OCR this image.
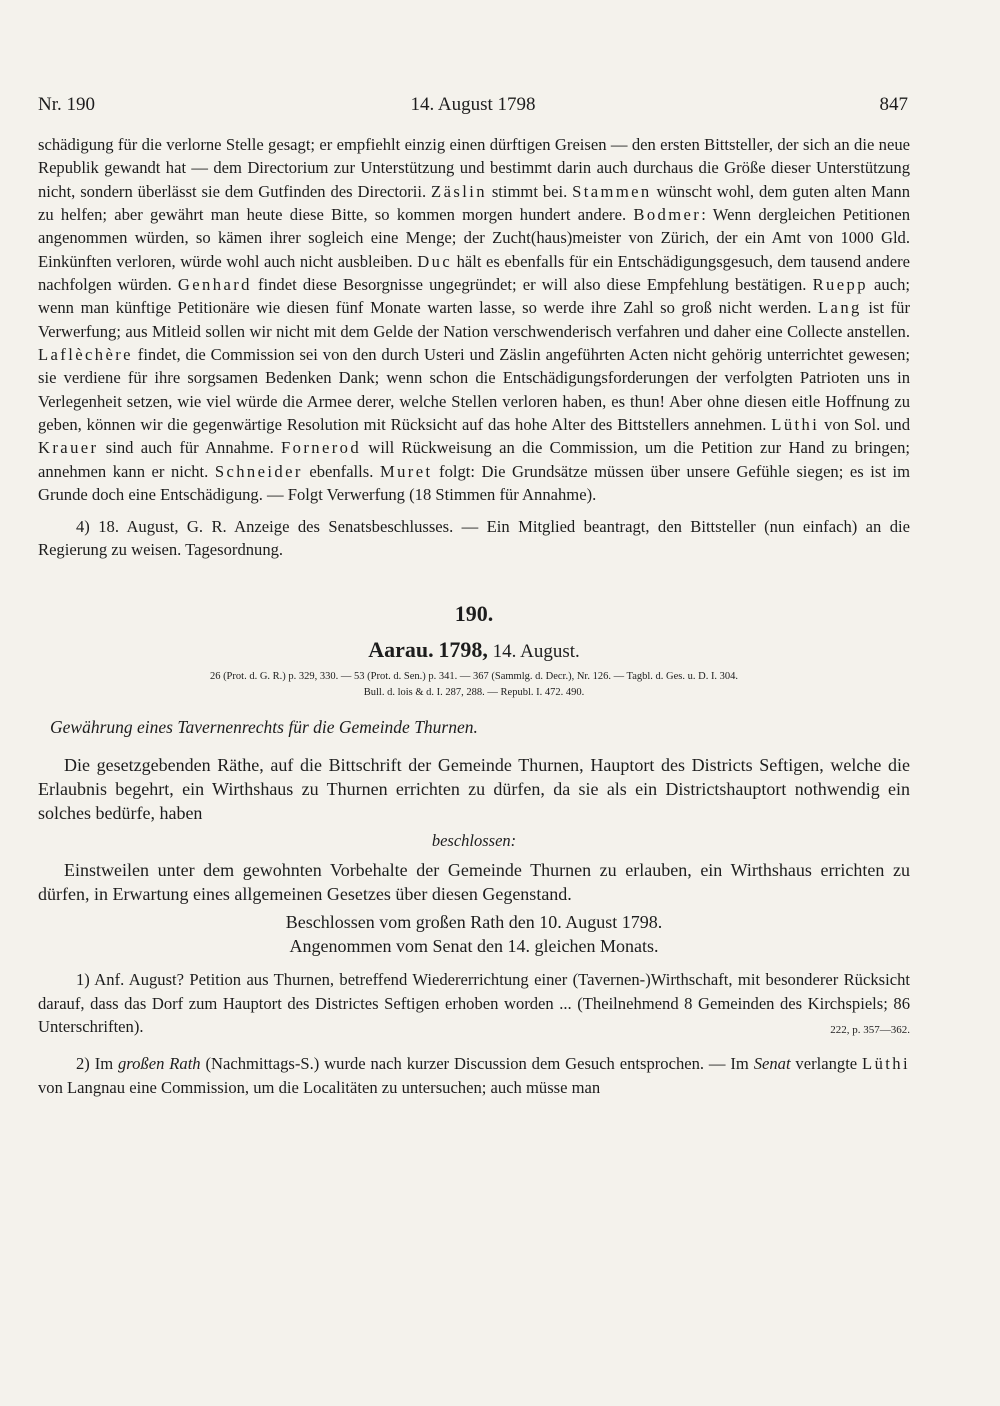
Nr. 190	14. August 1798	847

schädigung für die verlorne Stelle gesagt; er empfiehlt einzig einen dürftigen Greisen — den ersten Bittsteller, der sich an die neue Republik gewandt hat — dem Directorium zur Unterstützung und bestimmt darin auch durchaus die Größe dieser Unterstützung nicht, sondern überlässt sie dem Gutfinden des Directorii. Zäslin stimmt bei. Stammen wünscht wohl, dem guten alten Mann zu helfen; aber gewährt man heute diese Bitte, so kommen morgen hundert andere. Bodmer: Wenn dergleichen Petitionen angenommen würden, so kämen ihrer sogleich eine Menge; der Zucht(haus)meister von Zürich, der ein Amt von 1000 Gld. Einkünften verloren, würde wohl auch nicht ausbleiben. Duc hält es ebenfalls für ein Entschädigungsgesuch, dem tausend andere nachfolgen würden. Genhard findet diese Besorgnisse ungegründet; er will also diese Empfehlung bestätigen. Ruepp auch; wenn man künftige Petitionäre wie diesen fünf Monate warten lasse, so werde ihre Zahl so groß nicht werden. Lang ist für Verwerfung; aus Mitleid sollen wir nicht mit dem Gelde der Nation verschwenderisch verfahren und daher eine Collecte anstellen. Laflèchère findet, die Commission sei von den durch Usteri und Zäslin angeführten Acten nicht gehörig unterrichtet gewesen; sie verdiene für ihre sorgsamen Bedenken Dank; wenn schon die Entschädigungsforderungen der verfolgten Patrioten uns in Verlegenheit setzen, wie viel würde die Armee derer, welche Stellen verloren haben, es thun! Aber ohne diesen eitle Hoffnung zu geben, können wir die gegenwärtige Resolution mit Rücksicht auf das hohe Alter des Bittstellers annehmen. Lüthi von Sol. und Krauer sind auch für Annahme. Fornerod will Rückweisung an die Commission, um die Petition zur Hand zu bringen; annehmen kann er nicht. Schneider ebenfalls. Muret folgt: Die Grundsätze müssen über unsere Gefühle siegen; es ist im Grunde doch eine Entschädigung. — Folgt Verwerfung (18 Stimmen für Annahme).

4) 18. August, G. R. Anzeige des Senatsbeschlusses. — Ein Mitglied beantragt, den Bittsteller (nun einfach) an die Regierung zu weisen. Tagesordnung.

190.
Aarau. 1798, 14. August.
26 (Prot. d. G. R.) p. 329, 330. — 53 (Prot. d. Sen.) p. 341. — 367 (Sammlg. d. Decr.), Nr. 126. — Tagbl. d. Ges. u. D. I. 304.
Bull. d. lois & d. I. 287, 288. — Republ. I. 472. 490.
Gewährung eines Tavernenrechts für die Gemeinde Thurnen.

Die gesetzgebenden Räthe, auf die Bittschrift der Gemeinde Thurnen, Hauptort des Districts Seftigen, welche die Erlaubnis begehrt, ein Wirthshaus zu Thurnen errichten zu dürfen, da sie als ein Districtshauptort nothwendig ein solches bedürfe, haben

beschlossen:

Einstweilen unter dem gewohnten Vorbehalte der Gemeinde Thurnen zu erlauben, ein Wirthshaus errichten zu dürfen, in Erwartung eines allgemeinen Gesetzes über diesen Gegenstand.

Beschlossen vom großen Rath den 10. August 1798.
Angenommen vom Senat den 14. gleichen Monats.
1) Anf. August? Petition aus Thurnen, betreffend Wiedererrichtung einer (Tavernen-)Wirthschaft, mit besonderer Rücksicht darauf, dass das Dorf zum Hauptort des Districtes Seftigen erhoben worden ... (Theilnehmend 8 Gemeinden des Kirchspiels; 86 Unterschriften).	222, p. 357—362.

2) Im großen Rath (Nachmittags-S.) wurde nach kurzer Discussion dem Gesuch entsprochen. — Im Senat verlangte Lüthi von Langnau eine Commission, um die Localitäten zu untersuchen; auch müsse man
